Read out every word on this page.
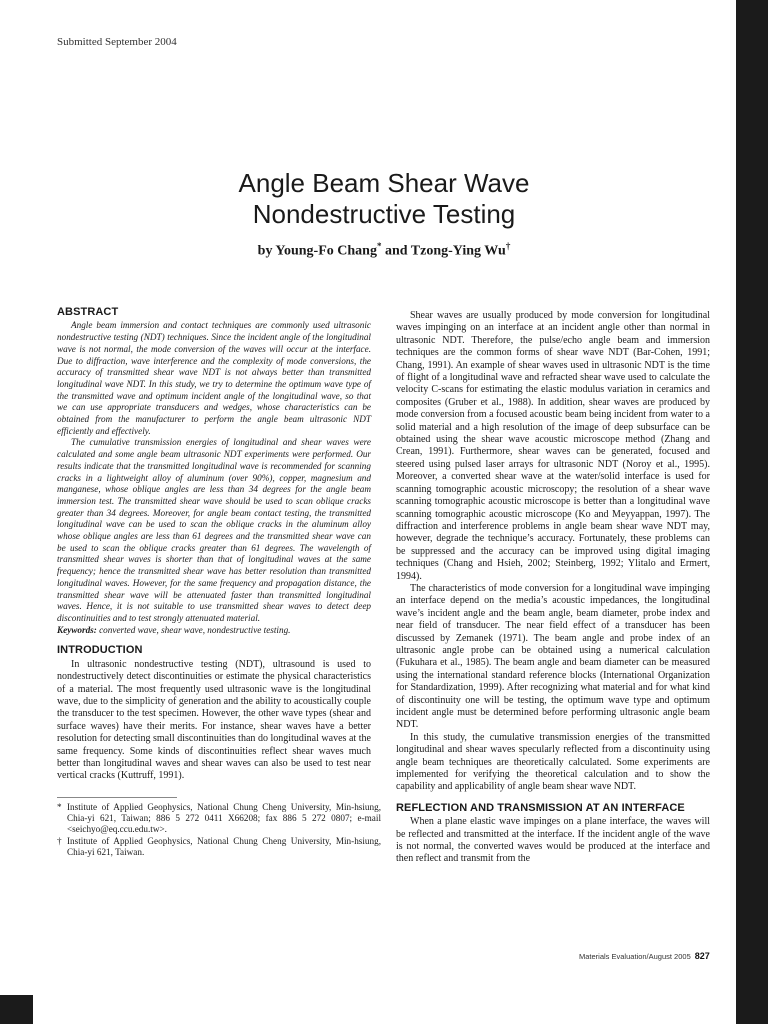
Submitted September 2004
Angle Beam Shear Wave
Nondestructive Testing
by Young-Fo Chang* and Tzong-Ying Wu†
ABSTRACT

Angle beam immersion and contact techniques are commonly used ultrasonic nondestructive testing (NDT) techniques. Since the incident angle of the longitudinal wave is not normal, the mode conversion of the waves will occur at the interface. Due to diffraction, wave interference and the complexity of mode conversions, the accuracy of transmitted shear wave NDT is not always better than transmitted longitudinal wave NDT. In this study, we try to determine the optimum wave type of the transmitted wave and optimum incident angle of the longitudinal wave, so that we can use appropriate transducers and wedges, whose characteristics can be obtained from the manufacturer to perform the angle beam ultrasonic NDT efficiently and effectively.

The cumulative transmission energies of longitudinal and shear waves were calculated and some angle beam ultrasonic NDT experiments were performed. Our results indicate that the transmitted longitudinal wave is recommended for scanning cracks in a lightweight alloy of aluminum (over 90%), copper, magnesium and manganese, whose oblique angles are less than 34 degrees for the angle beam immersion test. The transmitted shear wave should be used to scan oblique cracks greater than 34 degrees. Moreover, for angle beam contact testing, the transmitted longitudinal wave can be used to scan the oblique cracks in the aluminum alloy whose oblique angles are less than 61 degrees and the transmitted shear wave can be used to scan the oblique cracks greater than 61 degrees. The wavelength of transmitted shear waves is shorter than that of longitudinal waves at the same frequency; hence the transmitted shear wave has better resolution than transmitted longitudinal waves. However, for the same frequency and propagation distance, the transmitted shear wave will be attenuated faster than transmitted longitudinal waves. Hence, it is not suitable to use transmitted shear waves to detect deep discontinuities and to test strongly attenuated material.

Keywords: converted wave, shear wave, nondestructive testing.

INTRODUCTION

In ultrasonic nondestructive testing (NDT), ultrasound is used to nondestructively detect discontinuities or estimate the physical characteristics of a material. The most frequently used ultrasonic wave is the longitudinal wave, due to the simplicity of generation and the ability to acoustically couple the transducer to the test specimen. However, the other wave types (shear and surface waves) have their merits. For instance, shear waves have a better resolution for detecting small discontinuities than do longitudinal waves at the same frequency. Some kinds of discontinuities reflect shear waves much better than longitudinal waves and shear waves can also be used to test near vertical cracks (Kuttruff, 1991).

* Institute of Applied Geophysics, National Chung Cheng University, Min-hsiung, Chia-yi 621, Taiwan; 886 5 272 0411 X66208; fax 886 5 272 0807; e-mail <seichyo@eq.ccu.edu.tw>.

† Institute of Applied Geophysics, National Chung Cheng University, Min-hsiung, Chia-yi 621, Taiwan.

Shear waves are usually produced by mode conversion for longitudinal waves impinging on an interface at an incident angle other than normal in ultrasonic NDT. Therefore, the pulse/echo angle beam and immersion techniques are the common forms of shear wave NDT (Bar-Cohen, 1991; Chang, 1991). An example of shear waves used in ultrasonic NDT is the time of flight of a longitudinal wave and refracted shear wave used to calculate the velocity C-scans for estimating the elastic modulus variation in ceramics and composites (Gruber et al., 1988). In addition, shear waves are produced by mode conversion from a focused acoustic beam being incident from water to a solid material and a high resolution of the image of deep subsurface can be obtained using the shear wave acoustic microscope method (Zhang and Crean, 1991). Furthermore, shear waves can be generated, focused and steered using pulsed laser arrays for ultrasonic NDT (Noroy et al., 1995). Moreover, a converted shear wave at the water/solid interface is used for scanning tomographic acoustic microscopy; the resolution of a shear wave scanning tomographic acoustic microscope is better than a longitudinal wave scanning tomographic acoustic microscope (Ko and Meyyappan, 1997). The diffraction and interference problems in angle beam shear wave NDT may, however, degrade the technique’s accuracy. Fortunately, these problems can be suppressed and the accuracy can be improved using digital imaging techniques (Chang and Hsieh, 2002; Steinberg, 1992; Ylitalo and Ermert, 1994).

The characteristics of mode conversion for a longitudinal wave impinging an interface depend on the media’s acoustic impedances, the longitudinal wave’s incident angle and the beam angle, beam diameter, probe index and near field of transducer. The near field effect of a transducer has been discussed by Zemanek (1971). The beam angle and probe index of an ultrasonic angle probe can be obtained using a numerical calculation (Fukuhara et al., 1985). The beam angle and beam diameter can be measured using the international standard reference blocks (International Organization for Standardization, 1999). After recognizing what material and for what kind of discontinuity one will be testing, the optimum wave type and optimum incident angle must be determined before performing ultrasonic angle beam NDT.

In this study, the cumulative transmission energies of the transmitted longitudinal and shear waves specularly reflected from a discontinuity using angle beam techniques are theoretically calculated. Some experiments are implemented for verifying the theoretical calculation and to show the capability and applicability of angle beam shear wave NDT.

REFLECTION AND TRANSMISSION AT AN INTERFACE

When a plane elastic wave impinges on a plane interface, the waves will be reflected and transmitted at the interface. If the incident angle of the wave is not normal, the converted waves would be produced at the interface and then reflect and transmit from the

Materials Evaluation/August 2005 827
